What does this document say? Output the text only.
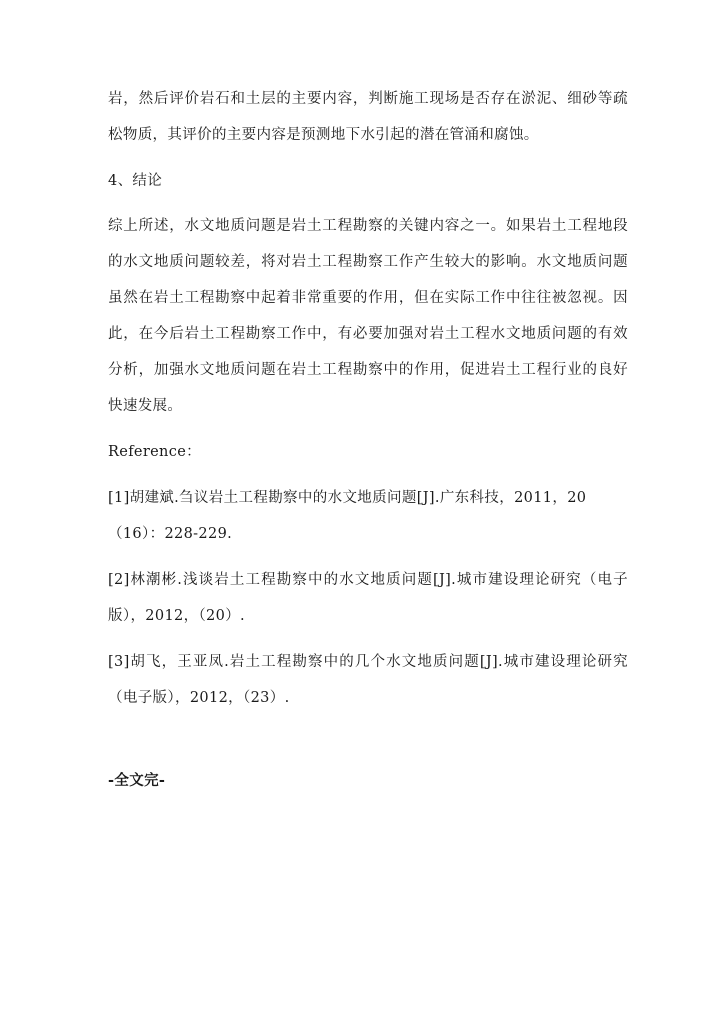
岩，然后评价岩石和土层的主要内容，判断施工现场是否存在淤泥、细砂等疏
松物质，其评价的主要内容是预测地下水引起的潜在管涌和腐蚀。
4、结论
综上所述，水文地质问题是岩土工程勘察的关键内容之一。如果岩土工程地段
的水文地质问题较差，将对岩土工程勘察工作产生较大的影响。水文地质问题
虽然在岩土工程勘察中起着非常重要的作用，但在实际工作中往往被忽视。因
此，在今后岩土工程勘察工作中，有必要加强对岩土工程水文地质问题的有效
分析，加强水文地质问题在岩土工程勘察中的作用，促进岩土工程行业的良好
快速发展。
Reference：
[1]胡建斌.刍议岩土工程勘察中的水文地质问题[J].广东科技，2011，20
（16）：228-229.
[2]林潮彬.浅谈岩土工程勘察中的水文地质问题[J].城市建设理论研究（电子
版），2012，（20）.
[3]胡飞，王亚凤.岩土工程勘察中的几个水文地质问题[J].城市建设理论研究
（电子版），2012，（23）.
-全文完-
